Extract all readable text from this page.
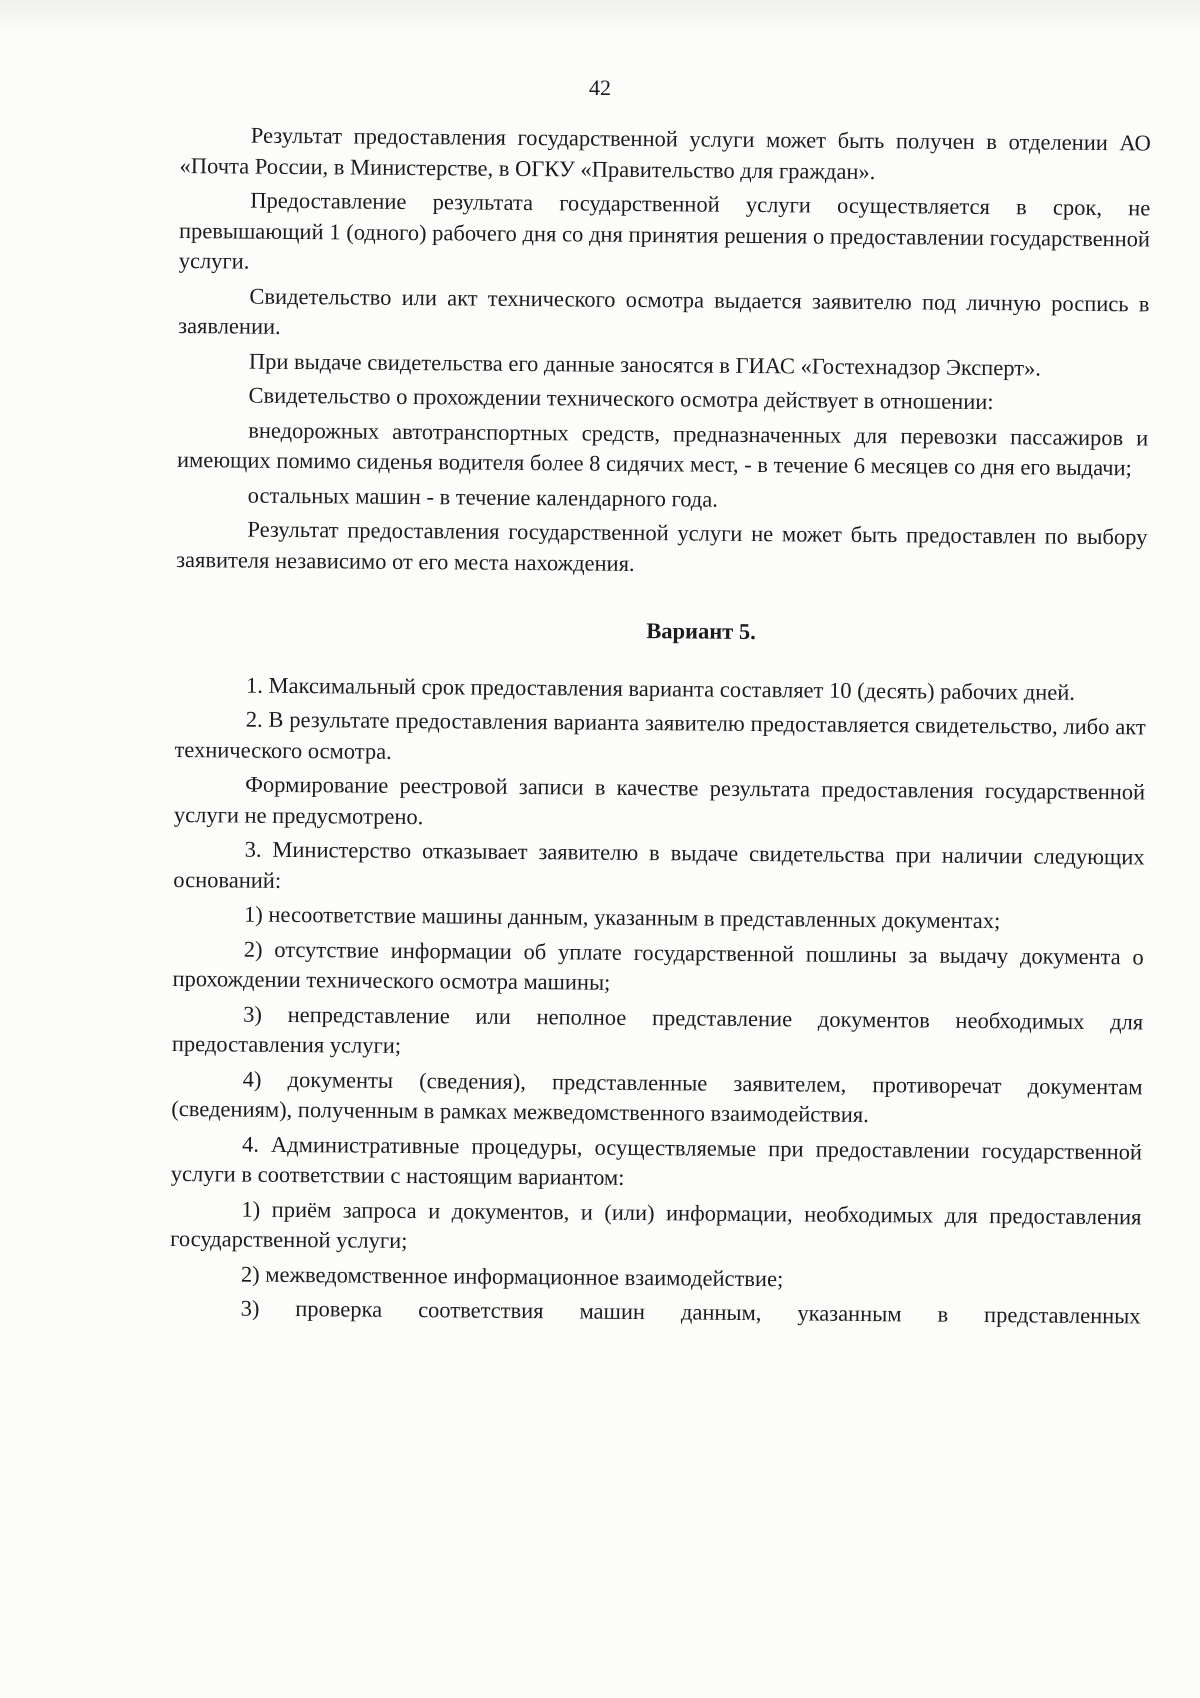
42

Результат предоставления государственной услуги может быть получен в отделении АО «Почта России, в Министерстве, в ОГКУ «Правительство для граждан».

Предоставление результата государственной услуги осуществляется в срок, не превышающий 1 (одного) рабочего дня со дня принятия решения о предоставлении государственной услуги.

Свидетельство или акт технического осмотра выдается заявителю под личную роспись в заявлении.

При выдаче свидетельства его данные заносятся в ГИАС «Гостехнадзор Эксперт».

Свидетельство о прохождении технического осмотра действует в отношении:

внедорожных автотранспортных средств, предназначенных для перевозки пассажиров и имеющих помимо сиденья водителя более 8 сидячих мест, - в течение 6 месяцев со дня его выдачи;

остальных машин - в течение календарного года.

Результат предоставления государственной услуги не может быть предоставлен по выбору заявителя независимо от его места нахождения.

Вариант 5.

1. Максимальный срок предоставления варианта составляет 10 (десять) рабочих дней.

2. В результате предоставления варианта заявителю предоставляется свидетельство, либо акт технического осмотра.

Формирование реестровой записи в качестве результата предоставления государственной услуги не предусмотрено.

3. Министерство отказывает заявителю в выдаче свидетельства при наличии следующих оснований:

1) несоответствие машины данным, указанным в представленных документах;

2) отсутствие информации об уплате государственной пошлины за выдачу документа о прохождении технического осмотра машины;

3) непредставление или неполное представление документов необходимых для предоставления услуги;

4) документы (сведения), представленные заявителем, противоречат документам (сведениям), полученным в рамках межведомственного взаимодействия.

4. Административные процедуры, осуществляемые при предоставлении государственной услуги в соответствии с настоящим вариантом:

1) приём запроса и документов, и (или) информации, необходимых для предоставления государственной услуги;

2) межведомственное информационное взаимодействие;

3) проверка соответствия машин данным, указанным в представленных
